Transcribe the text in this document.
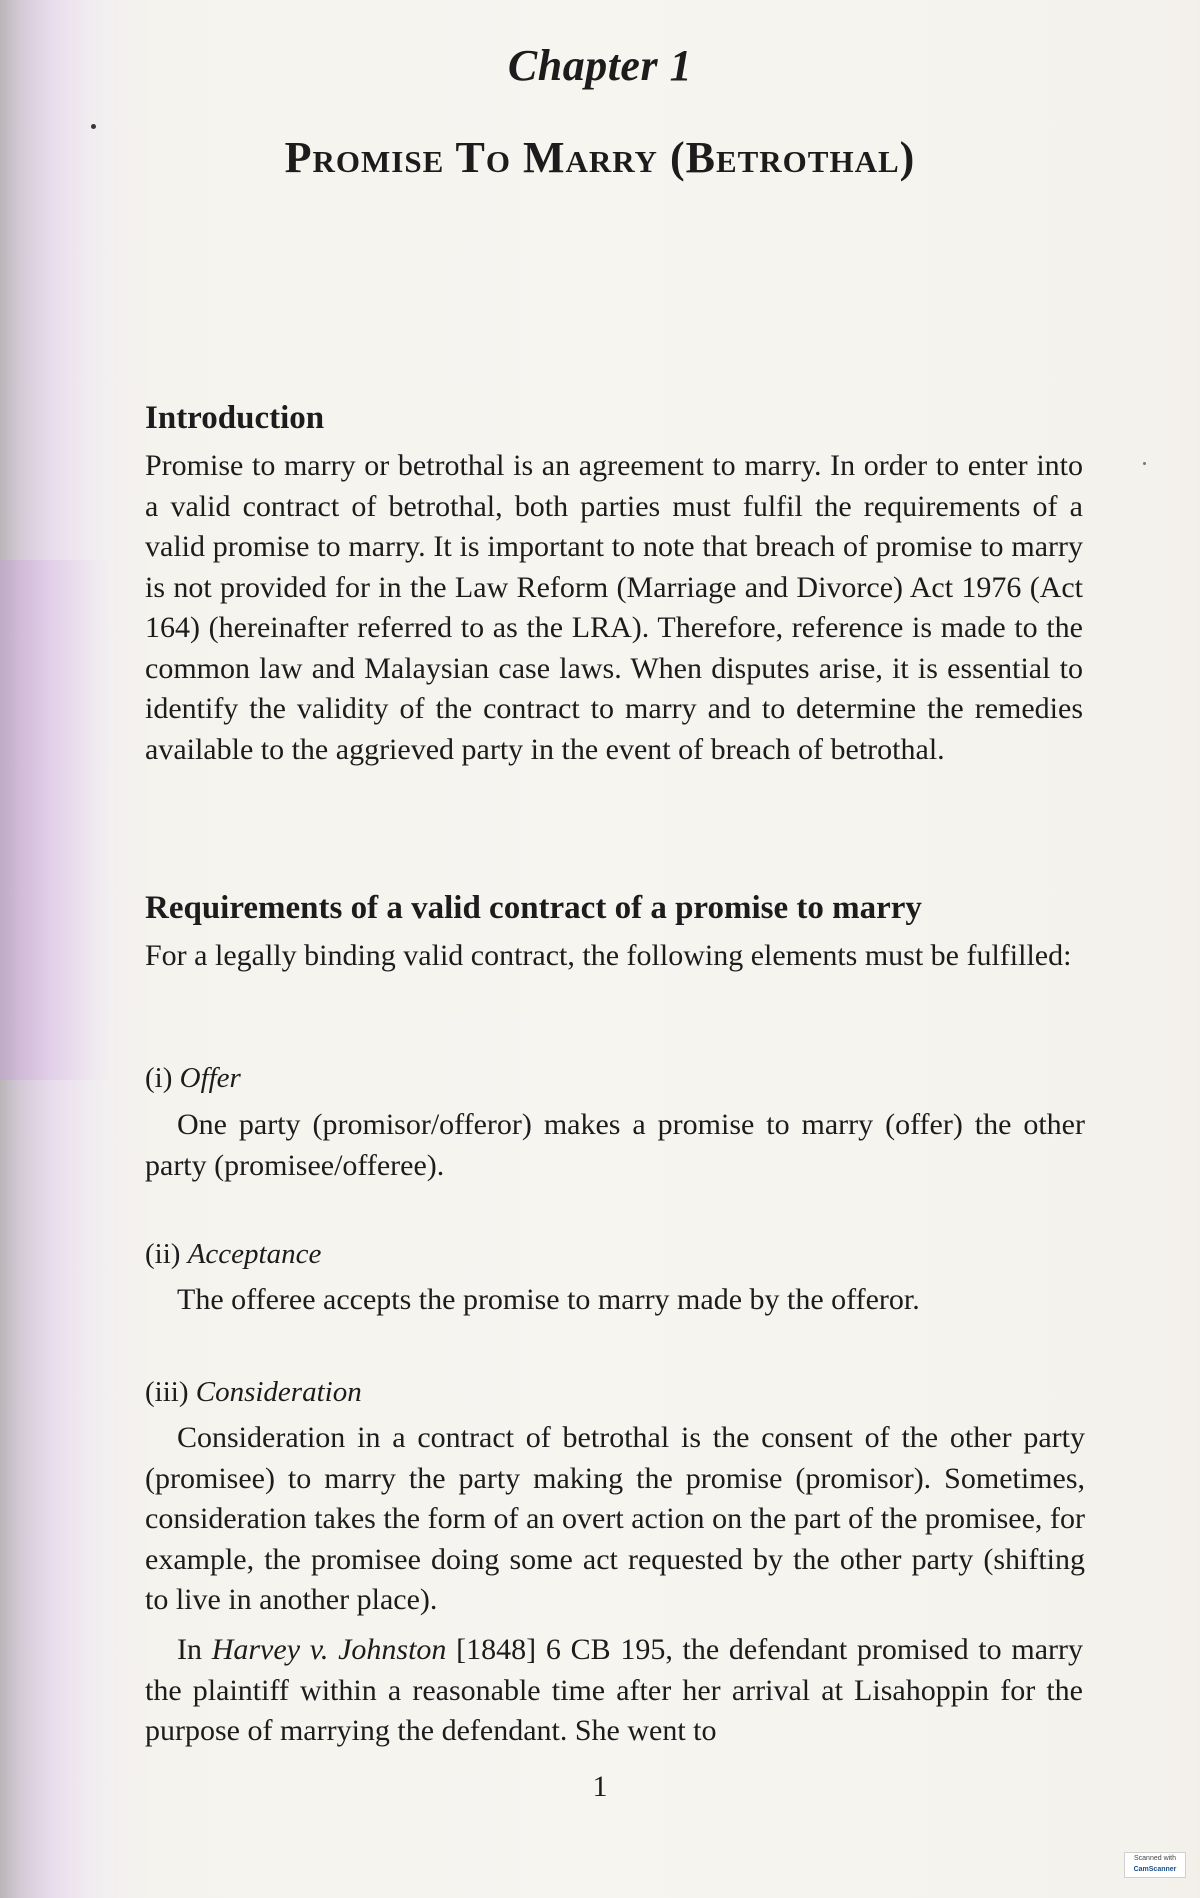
Chapter 1
Promise To Marry (Betrothal)
Introduction

Promise to marry or betrothal is an agreement to marry. In order to enter into a valid contract of betrothal, both parties must fulfil the requirements of a valid promise to marry. It is important to note that breach of promise to marry is not provided for in the Law Reform (Marriage and Divorce) Act 1976 (Act 164) (hereinafter referred to as the LRA). Therefore, reference is made to the common law and Malaysian case laws. When disputes arise, it is essential to identify the validity of the contract to marry and to determine the remedies available to the aggrieved party in the event of breach of betrothal.

Requirements of a valid contract of a promise to marry

For a legally binding valid contract, the following elements must be fulfilled:

(i) Offer

One party (promisor/offeror) makes a promise to marry (offer) the other party (promisee/offeree).

(ii) Acceptance

The offeree accepts the promise to marry made by the offeror.

(iii) Consideration

Consideration in a contract of betrothal is the consent of the other party (promisee) to marry the party making the promise (promisor). Sometimes, consideration takes the form of an overt action on the part of the promisee, for example, the promisee doing some act requested by the other party (shifting to live in another place).

In Harvey v. Johnston [1848] 6 CB 195, the defendant promised to marry the plaintiff within a reasonable time after her arrival at Lisahoppin for the purpose of marrying the defendant. She went to

1
Scanned with
CamScanner
